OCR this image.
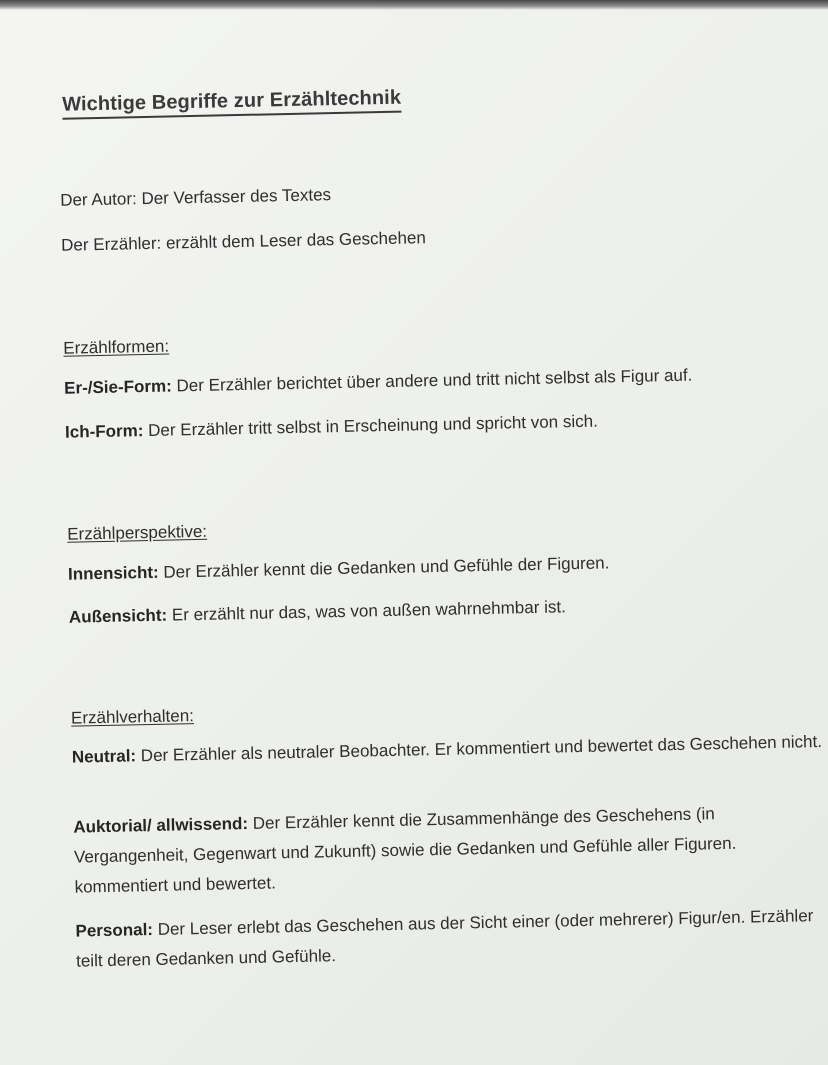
Wichtige Begriffe zur Erzähltechnik
Der Autor: Der Verfasser des Textes
Der Erzähler: erzählt dem Leser das Geschehen
Erzählformen:
Er-/Sie-Form: Der Erzähler berichtet über andere und tritt nicht selbst als Figur auf.
Ich-Form: Der Erzähler tritt selbst in Erscheinung und spricht von sich.
Erzählperspektive:
Innensicht: Der Erzähler kennt die Gedanken und Gefühle der Figuren.
Außensicht: Er erzählt nur das, was von außen wahrnehmbar ist.
Erzählverhalten:
Neutral: Der Erzähler als neutraler Beobachter. Er kommentiert und bewertet das Geschehen nicht.
Auktorial/ allwissend: Der Erzähler kennt die Zusammenhänge des Geschehens (in Vergangenheit, Gegenwart und Zukunft) sowie die Gedanken und Gefühle aller Figuren. kommentiert und bewertet.
Personal: Der Leser erlebt das Geschehen aus der Sicht einer (oder mehrerer) Figur/en. Erzähler teilt deren Gedanken und Gefühle.
